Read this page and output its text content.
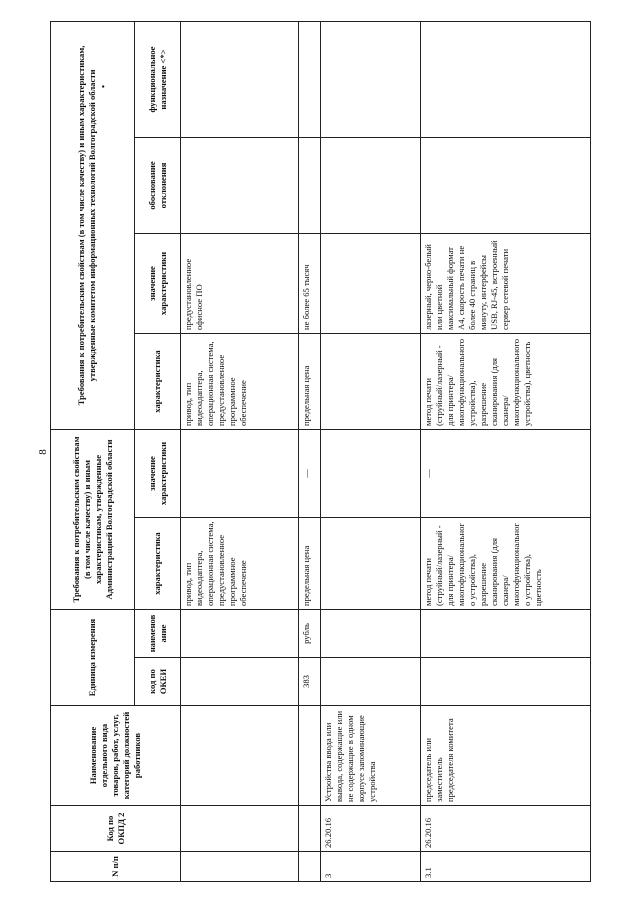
8
N п/п	Код по ОКПД 2	Наименование отдельного вида товаров, работ, услуг, категорий должностей работников	Единица измерения		Требования к потребительским свойствам (в том числе качеству) и иным характеристикам, утвержденные Администрацией Волгоградской области		Требования к потребительским свойствам (в том числе качеству) и иным характеристикам, утвержденные комитетом информационных технологий Волгоградской области •			

			код по ОКЕИ	наименование	характеристика	значение характеристики	характеристика	значение характеристики	обоснование отклонения	функциональное назначение <*>
					привод, тип видеоадаптера, операционная система, предустановленное программное обеспечение		привод, тип видеоадаптера, операционная система, предустановленное программное обеспечение	предустановленное офисное ПО		
			383	рубль	предельная цена	—	предельная цена	не более 65 тысяч		
3	26.20.16	Устройства ввода или вывода, содержащие или не содержащие в одном корпусе запоминающие устройства								
3.1	26.20.16	председатель или заместитель председателя комитета			метод печати (струйный/лазерный - для принтера/многофункционального устройства), разрешение сканирования (для сканера/многофункционального устройства), цветность	—	метод печати (струйный/лазерный - для принтера/многофункционального устройства), разрешение сканирования (для сканера/многофункционального устройства), цветность	лазерный, черно-белый или цветной максимальный формат А4, скорость печати не более 40 страниц в минуту, интерфейсы USB, RJ-45, встроенный сервер сетевой печати		
